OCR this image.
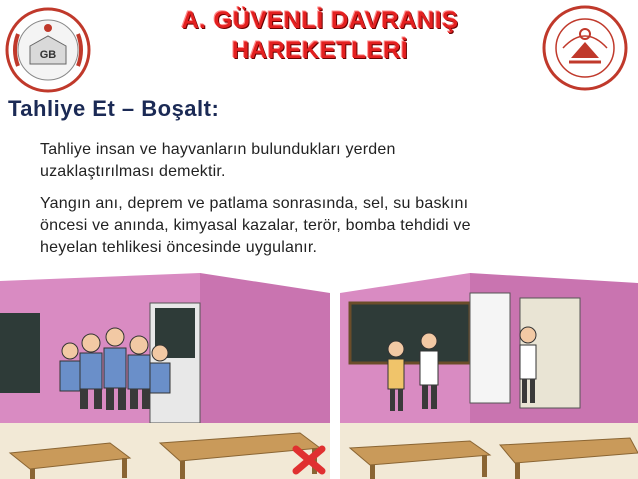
GB
A. GÜVENLİ DAVRANIŞ
HAREKETLERİ
Tahliye Et – Boşalt:
Tahliye insan ve hayvanların bulundukları yerden
uzaklaştırılması demektir.
Yangın anı, deprem ve patlama sonrasında, sel, su baskını
öncesi ve anında, kimyasal kazalar, terör, bomba tehdidi ve
heyelan tehlikesi öncesinde uygulanır.
